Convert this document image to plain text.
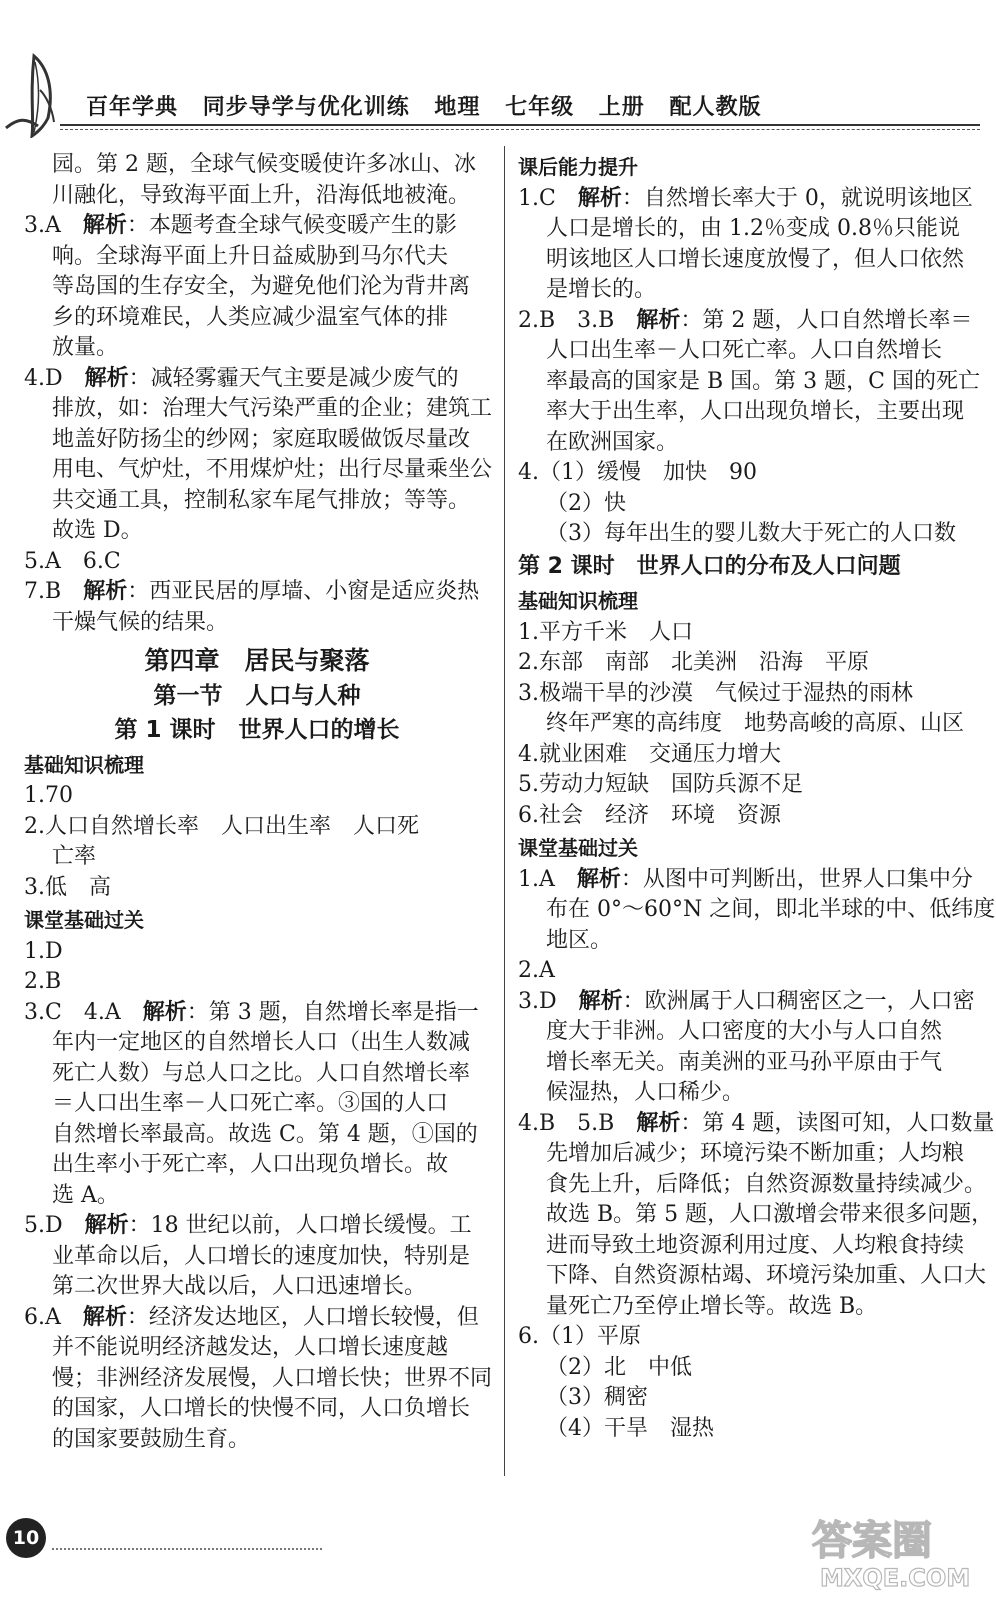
百年学典 同步导学与优化训练 地理 七年级 上册 配人教版

园。第 2 题，全球气候变暖使许多冰山、冰

川融化，导致海平面上升，沿海低地被淹。

3.A　 解析：本题考查全球气候变暖产生的影

响。全球海平面上升日益威胁到马尔代夫

等岛国的生存安全，为避免他们沦为背井离

乡的环境难民，人类应减少温室气体的排

放量。

4.D　 解析：减轻雾霾天气主要是减少废气的

排放，如：治理大气污染严重的企业；建筑工

地盖好防扬尘的纱网；家庭取暖做饭尽量改

用电、气炉灶，不用煤炉灶；出行尽量乘坐公

共交通工具，控制私家车尾气排放；等等。

故选 D。

5.A　6.C

7.B　 解析：西亚民居的厚墙、小窗是适应炎热

干燥气候的结果。

第四章　居民与聚落

第一节　人口与人种

第 1 课时　世界人口的增长

基础知识梳理

1.70

2.人口自然增长率　人口出生率　人口死

亡率

3.低　高

课堂基础过关

1.D

2.B

3.C　4.A　 解析：第 3 题，自然增长率是指一

年内一定地区的自然增长人口（出生人数减

死亡人数）与总人口之比。人口自然增长率

＝人口出生率－人口死亡率。③国的人口

自然增长率最高。故选 C。第 4 题，①国的

出生率小于死亡率，人口出现负增长。故

选 A。

5.D　 解析：18 世纪以前，人口增长缓慢。工

业革命以后，人口增长的速度加快，特别是

第二次世界大战以后，人口迅速增长。

6.A　 解析：经济发达地区，人口增长较慢，但

并不能说明经济越发达，人口增长速度越

慢；非洲经济发展慢，人口增长快；世界不同

的国家，人口增长的快慢不同，人口负增长

的国家要鼓励生育。

课后能力提升

1.C　 解析：自然增长率大于 0，就说明该地区

人口是增长的，由 1.2％变成 0.8％只能说

明该地区人口增长速度放慢了，但人口依然

是增长的。

2.B　3.B　 解析：第 2 题，人口自然增长率＝

人口出生率－人口死亡率。人口自然增长

率最高的国家是 B 国。第 3 题，C 国的死亡

率大于出生率，人口出现负增长，主要出现

在欧洲国家。

4.（1）缓慢　加快　90

（2）快

（3）每年出生的婴儿数大于死亡的人口数

第 2 课时　世界人口的分布及人口问题

基础知识梳理

1.平方千米　人口

2.东部　南部　北美洲　沿海　平原

3.极端干旱的沙漠　气候过于湿热的雨林

终年严寒的高纬度　地势高峻的高原、山区

4.就业困难　交通压力增大

5.劳动力短缺　国防兵源不足

6.社会　经济　环境　资源

课堂基础过关

1.A　 解析：从图中可判断出，世界人口集中分

布在 0°～60°N 之间，即北半球的中、低纬度

地区。

2.A

3.D　 解析：欧洲属于人口稠密区之一，人口密

度大于非洲。人口密度的大小与人口自然

增长率无关。南美洲的亚马孙平原由于气

候湿热，人口稀少。

4.B　5.B　 解析：第 4 题，读图可知，人口数量

先增加后减少；环境污染不断加重；人均粮

食先上升，后降低；自然资源数量持续减少。

故选 B。第 5 题，人口激增会带来很多问题，

进而导致土地资源利用过度、人均粮食持续

下降、自然资源枯竭、环境污染加重、人口大

量死亡乃至停止增长等。故选 B。

6.（1）平原

（2）北　中低

（3）稠密

（4）干旱　湿热

10	答案圈
MXQE.COM
